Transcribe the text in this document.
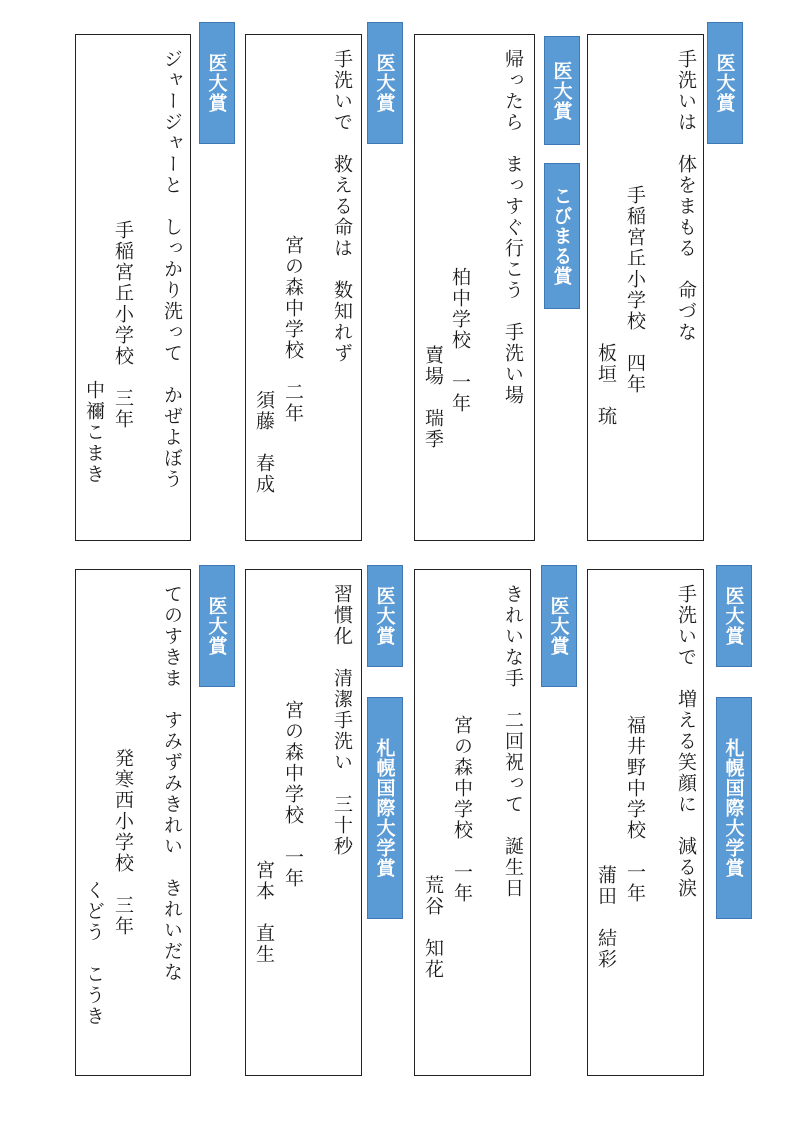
手洗いは　体をまもる　命づな
手稲宮丘小学校　四年
板垣　琉
医大賞
帰ったら　まっすぐ行こう　手洗い場
柏中学校　一年
賣場　瑞季
医大賞
こびまる賞
手洗いで　救える命は　数知れず
宮の森中学校　二年
須藤　春成
医大賞
ジャージャーと　しっかり洗って　かぜよぼう
手稲宮丘小学校　三年
中禰こまき
医大賞
手洗いで　増える笑顔に　減る涙
福井野中学校　一年
蒲田　結彩
医大賞
札幌国際大学賞
きれいな手　二回祝って　誕生日
宮の森中学校　一年
荒谷　知花
医大賞
習慣化　清潔手洗い　三十秒
宮の森中学校　一年
宮本　直生
医大賞
札幌国際大学賞
てのすきま　すみずみきれい　きれいだな
発寒西小学校　三年
くどう　こうき
医大賞
